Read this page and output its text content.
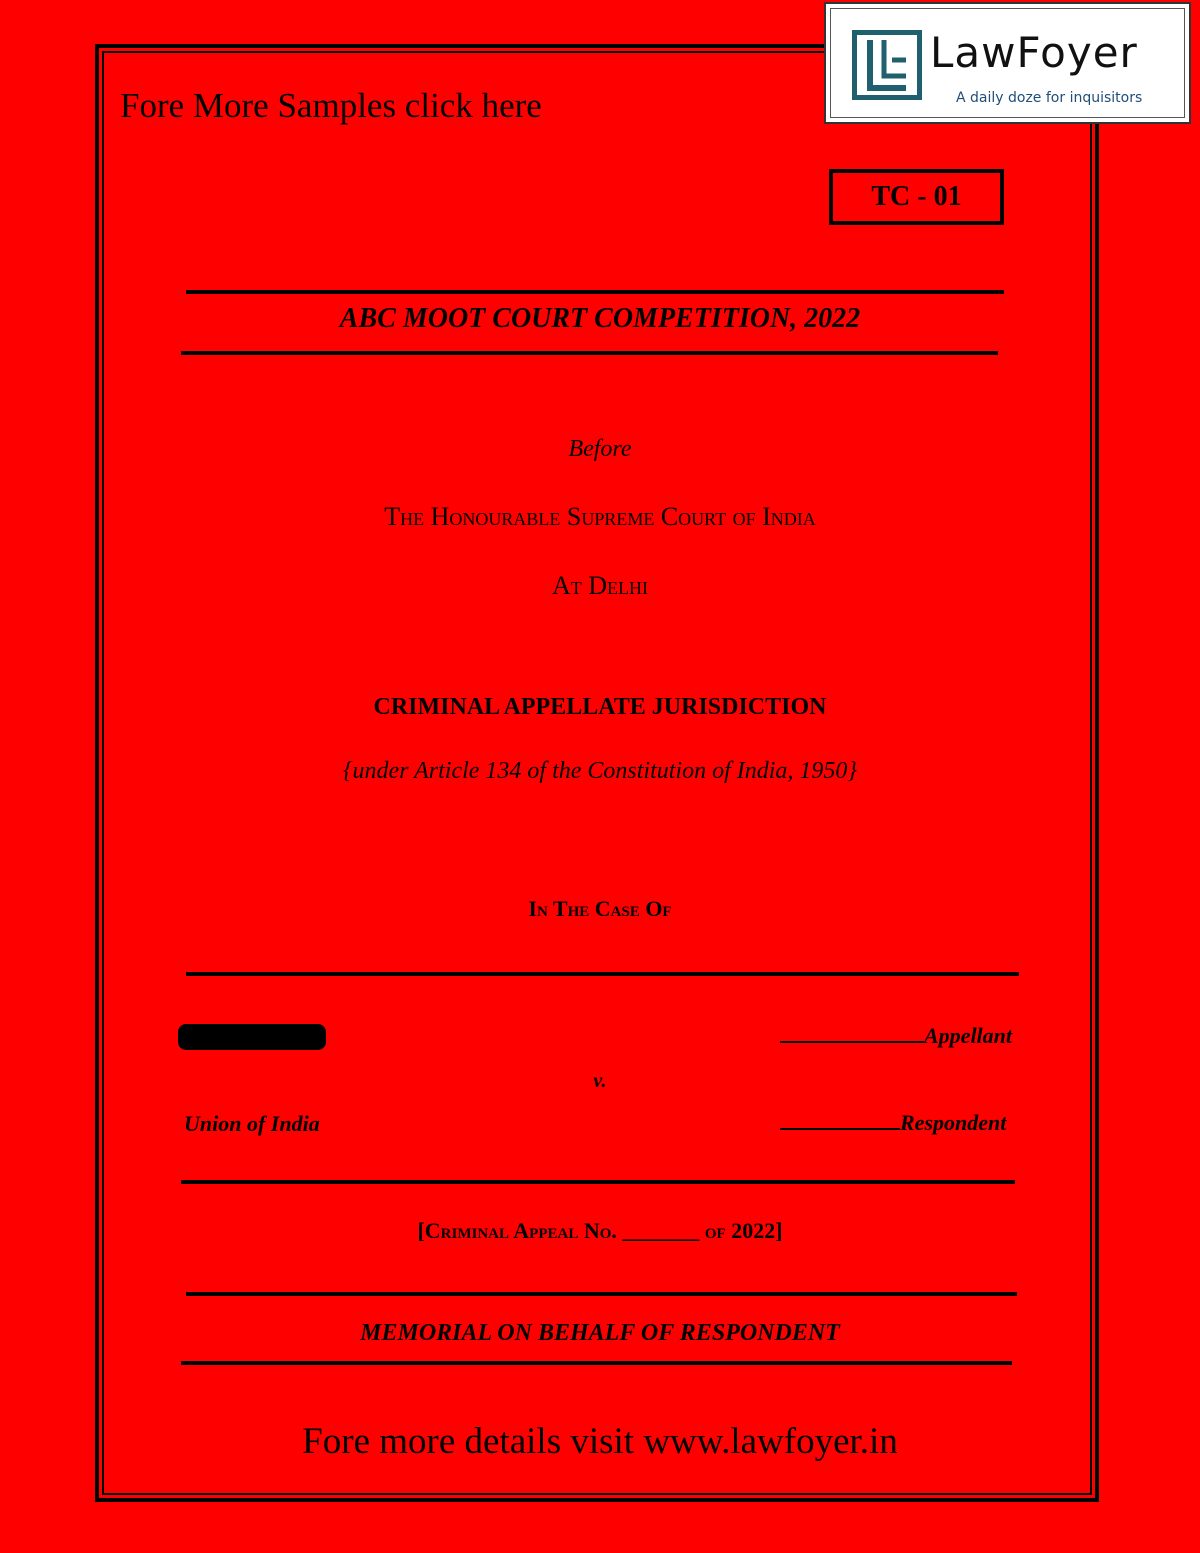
LawFoyer
A daily doze for inquisitors
Fore More Samples click here
TC - 01
ABC MOOT COURT COMPETITION, 2022
Before
The Honourable Supreme Court of India
At Delhi
CRIMINAL APPELLATE JURISDICTION
{under Article 134 of the Constitution of India, 1950}
In The Case Of
Appellant
v.
Union of India	Respondent
[Criminal Appeal No. _______ of 2022]
MEMORIAL ON BEHALF OF RESPONDENT
Fore more details visit www.lawfoyer.in
